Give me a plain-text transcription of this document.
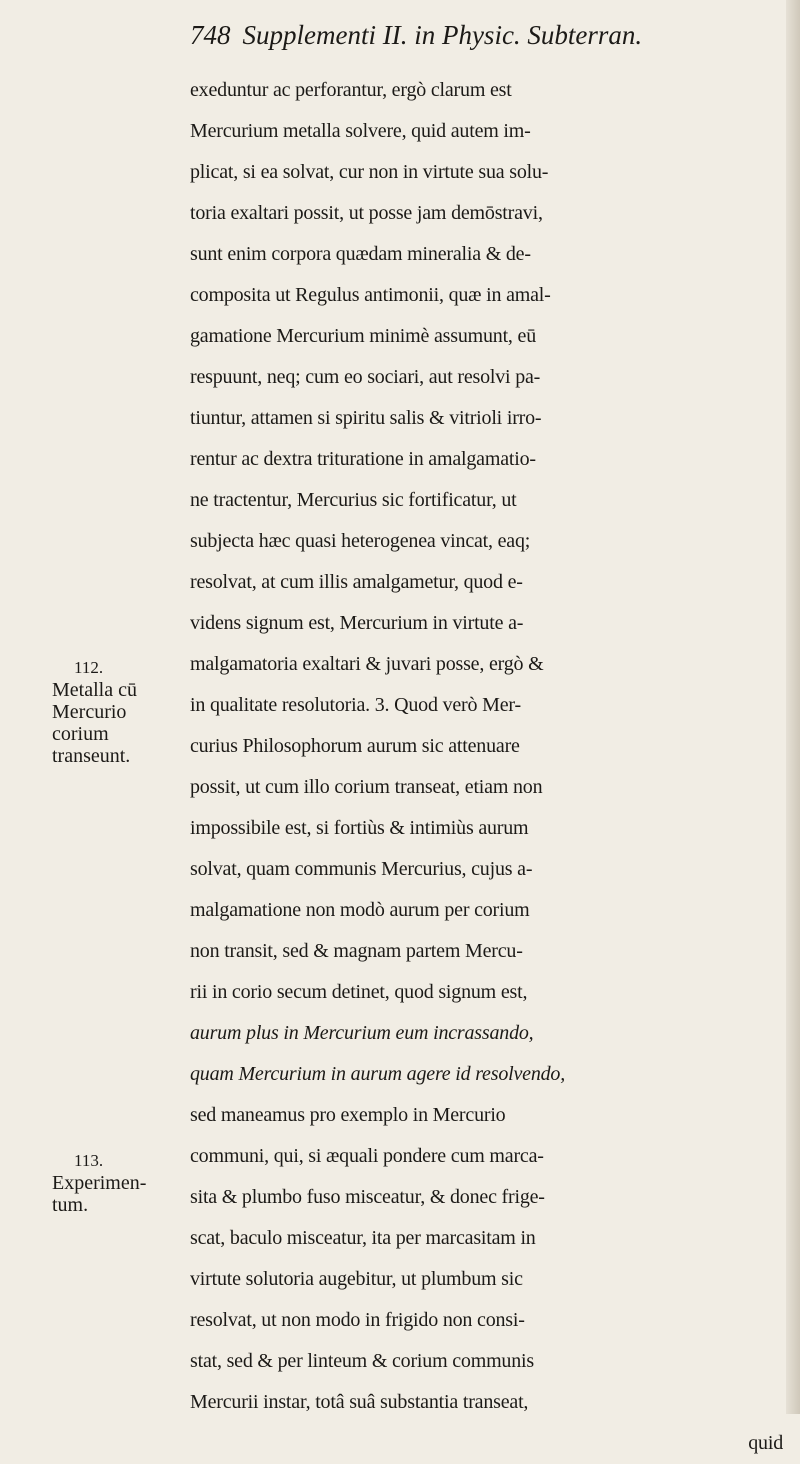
748 Supplementi II. in Physic. Subterran.
112.
Metalla cū
Mercurio
corium
transeunt.
113.
Experimen-
tum.
exeduntur ac perforantur, ergò clarum est
Mercurium metalla solvere, quid autem im-
plicat, si ea solvat, cur non in virtute sua solu-
toria exaltari possit, ut posse jam demōstravi,
sunt enim corpora quædam mineralia & de-
composita ut Regulus antimonii, quæ in amal-
gamatione Mercurium minimè assumunt, eū
respuunt, neq; cum eo sociari, aut resolvi pa-
tiuntur, attamen si spiritu salis & vitrioli irro-
rentur ac dextra trituratione in amalgamatio-
ne tractentur, Mercurius sic fortificatur, ut
subjecta hæc quasi heterogenea vincat, eaq;
resolvat, at cum illis amalgametur, quod e-
videns signum est, Mercurium in virtute a-
malgamatoria exaltari & juvari posse, ergò &
in qualitate resolutoria. 3. Quod verò Mer-
curius Philosophorum aurum sic attenuare
possit, ut cum illo corium transeat, etiam non
impossibile est, si fortiùs & intimiùs aurum
solvat, quam communis Mercurius, cujus a-
malgamatione non modò aurum per corium
non transit, sed & magnam partem Mercu-
rii in corio secum detinet, quod signum est,
aurum plus in Mercurium eum incrassando,
quam Mercurium in aurum agere id resolvendo,
sed maneamus pro exemplo in Mercurio
communi, qui, si æquali pondere cum marca-
sita & plumbo fuso misceatur, & donec frige-
scat, baculo misceatur, ita per marcasitam in
virtute solutoria augebitur, ut plumbum sic
resolvat, ut non modo in frigido non consi-
stat, sed & per linteum & corium communis
Mercurii instar, totâ suâ substantia transeat,
quid
